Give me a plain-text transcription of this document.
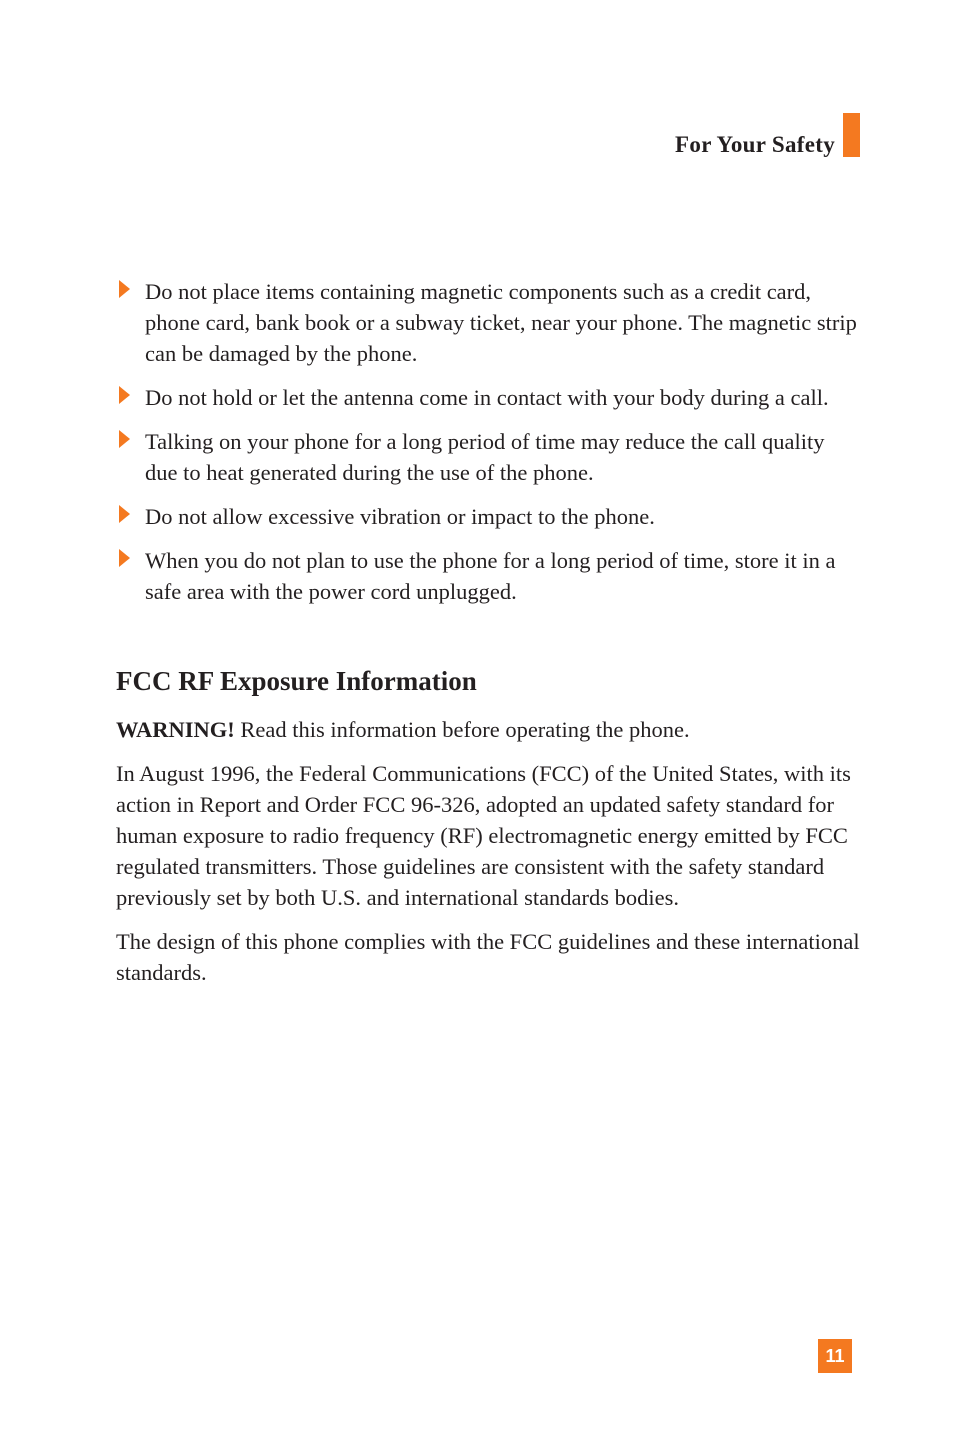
For Your Safety
Do not place items containing magnetic components such as a credit card, phone card, bank book or a subway ticket, near your phone. The magnetic strip can be damaged by the phone.
Do not hold or let the antenna come in contact with your body during a call.
Talking on your phone for a long period of time may reduce the call quality due to heat generated during the use of the phone.
Do not allow excessive vibration or impact to the phone.
When you do not plan to use the phone for a long period of time, store it in a safe area with the power cord unplugged.
FCC RF Exposure Information

WARNING! Read this information before operating the phone.

In August 1996, the Federal Communications (FCC) of the United States, with its action in Report and Order FCC 96-326, adopted an updated safety standard for human exposure to radio frequency (RF) electromagnetic energy emitted by FCC regulated transmitters. Those guidelines are consistent with the safety standard previously set by both U.S. and international standards bodies.

The design of this phone complies with the FCC guidelines and these international standards.

11
